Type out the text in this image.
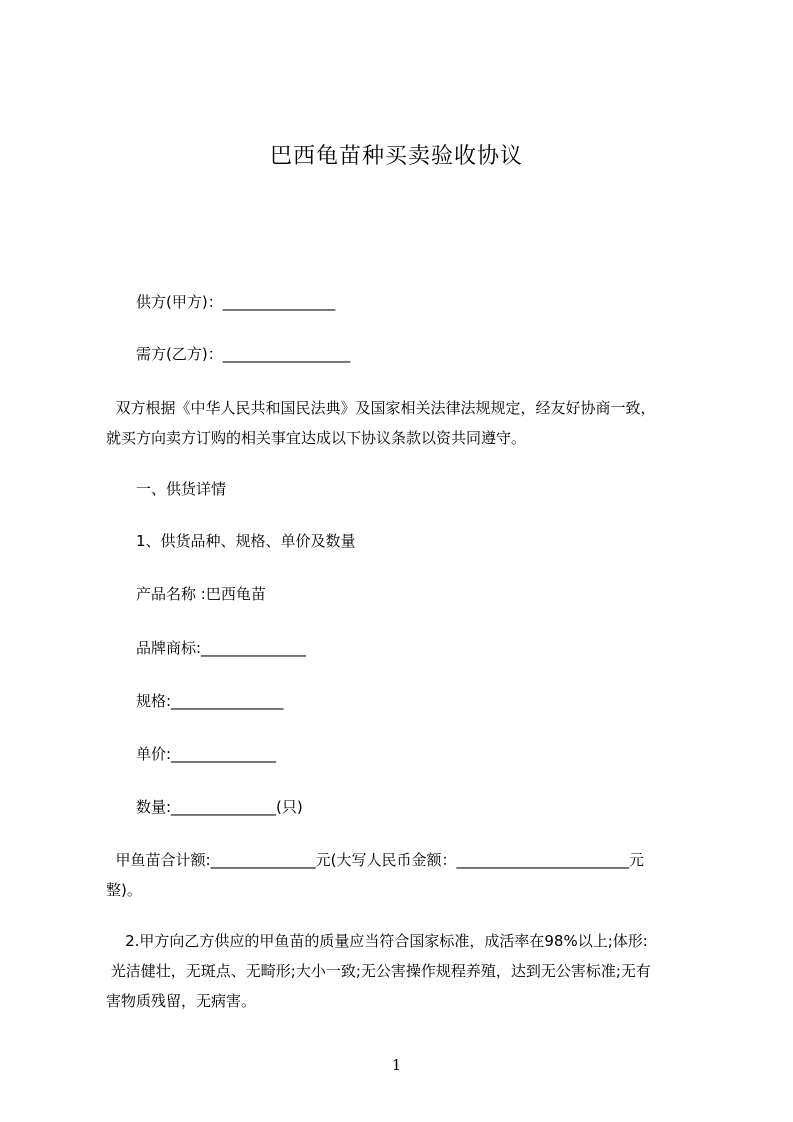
巴西龟苗种买卖验收协议
供方(甲方)：_______________
需方(乙方)：_________________
双方根据《中华人民共和国民法典》及国家相关法律法规规定，经友好协商一致，
就买方向卖方订购的相关事宜达成以下协议条款以资共同遵守。
一、供货详情
1、供货品种、规格、单价及数量
产品名称 :巴西龟苗
品牌商标:______________
规格:_______________
单价:______________
数量:______________(只)
甲鱼苗合计额:______________元(大写人民币金额：_______________________元
整)。
2.甲方向乙方供应的甲鱼苗的质量应当符合国家标准，成活率在98%以上;体形:
光洁健壮，无斑点、无畸形;大小一致;无公害操作规程养殖，达到无公害标准;无有
害物质残留，无病害。
1
